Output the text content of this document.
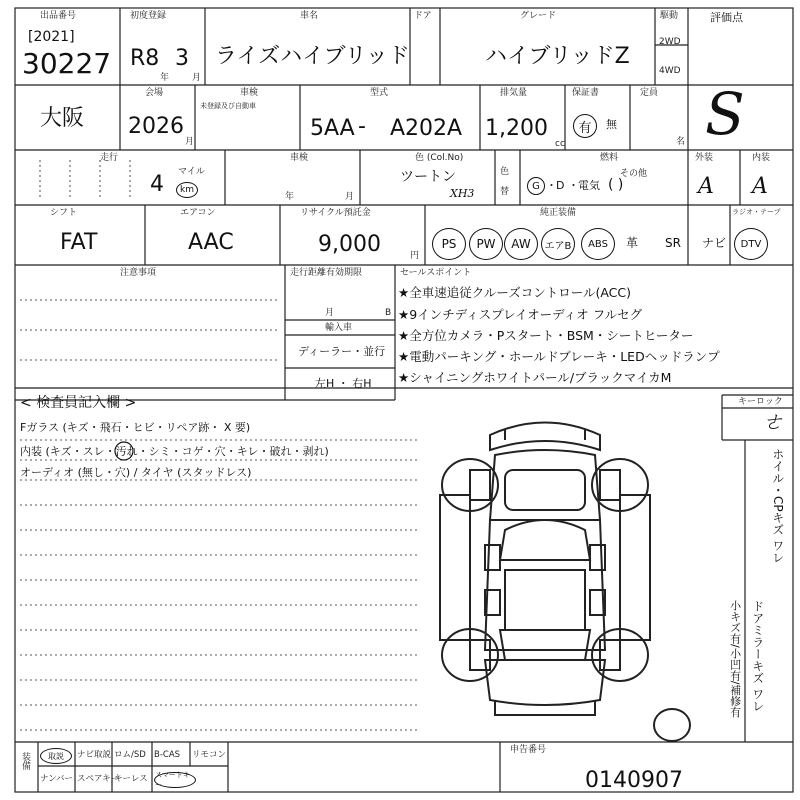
出品番号
[2021]
30227
初度登録
R8 3
年	月
車名
ライズハイブリッド
ドア	グレード
ハイブリッドZ
駆動
2WD
4WD
評価点
S
大阪
会場
2026
車検
未登録及び自動車
月
型式
5AA - A202A
排気量
1,200
cc
保証書
有	無
定員
名
走行
4 マイル
km
車検
年	月
色 (Col.No)
ツートン
XH3
色
替
燃料
G ・ D ・ 電気
その他
( )
外装
A
内装
A
シフト
FAT
エアコン
AAC
リサイクル預託金
9,000	円
純正装備	ラジオ・テープ
PS	PW	AW	エアB	ABS	革 SR ナビ	DTV
注意事項	走行距離有効期限
月	B
輸入車
ディーラー・並行
左H ・ 右H
セールスポイント
★全車速追従クルーズコントロール(ACC)
★9インチディスプレイオーディオ フルセグ
★全方位カメラ・Pスタート・BSM・シートヒーター
★電動パーキング・ホールドブレーキ・LEDヘッドランプ
★シャイニングホワイトパール/ブラックマイカM
< 検査員記入欄 >
Fガラス (キズ・飛石・ヒビ・リペア跡・ X 要)
内装 (キズ・スレ・汚れ・シミ・コゲ・穴・キレ・破れ・剥れ)
オーディオ (無し・穴) / タイヤ (スタッドレス)
キーロック
ㄜ
ホイル・CPキズ ワレ
ドアミラーキズ ワレ
小キズ有/小凹有/補修有
装備	取説	ナビ取説 ロム/SD B-CAS リモコン
ナンバー スペアキー
キーレス スマートキー
申告番号
0140907
